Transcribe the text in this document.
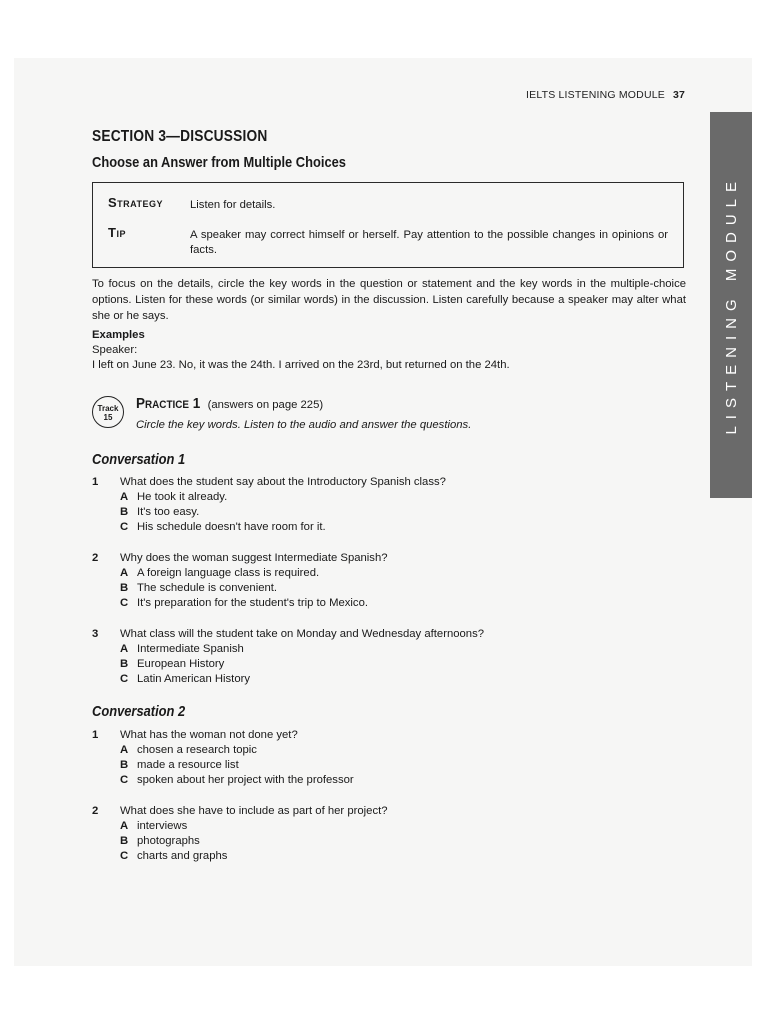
IELTS LISTENING MODULE 37
LISTENING MODULE
SECTION 3—DISCUSSION
Choose an Answer from Multiple Choices
Strategy Listen for details.
Tip	A speaker may correct himself or herself. Pay attention to the possible changes in opinions or facts.
To focus on the details, circle the key words in the question or statement and the key words in the multiple-choice options. Listen for these words (or similar words) in the discussion. Listen carefully because a speaker may alter what she or he says.
Examples
Speaker:
I left on June 23. No, it was the 24th. I arrived on the 23rd, but returned on the 24th.
Track
15
Practice 1 (answers on page 225)
Circle the key words. Listen to the audio and answer the questions.
Conversation 1
1 What does the student say about the Introductory Spanish class?
A He took it already.
B It's too easy.
C His schedule doesn't have room for it.
2 Why does the woman suggest Intermediate Spanish?
A A foreign language class is required.
B The schedule is convenient.
C It's preparation for the student's trip to Mexico.
3 What class will the student take on Monday and Wednesday afternoons?
A Intermediate Spanish
B European History
C Latin American History
Conversation 2
1 What has the woman not done yet?
A chosen a research topic
B made a resource list
C spoken about her project with the professor
2 What does she have to include as part of her project?
A interviews
B photographs
C charts and graphs
